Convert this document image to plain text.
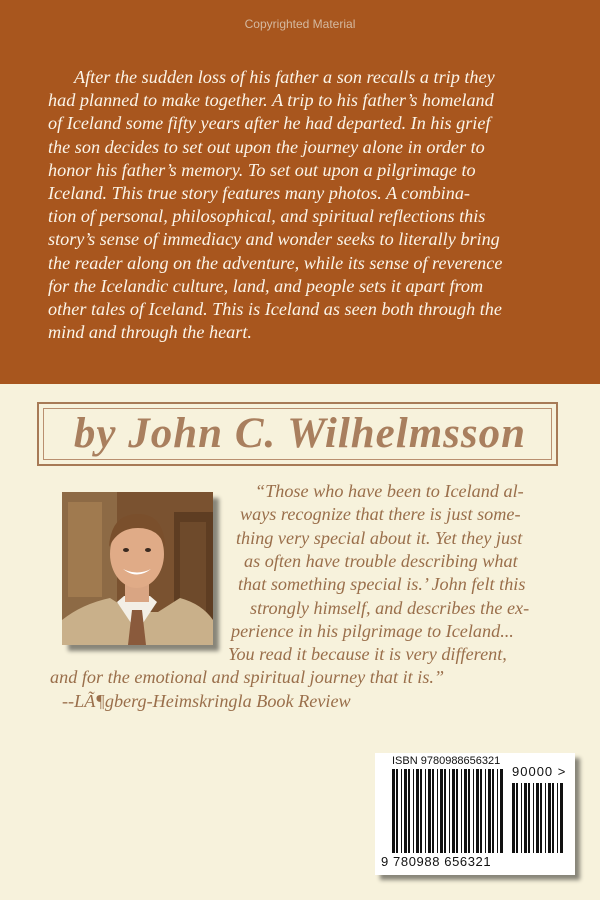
Copyrighted Material
After the sudden loss of his father a son recalls a trip they
had planned to make together. A trip to his father’s homeland
of Iceland some fifty years after he had departed. In his grief
the son decides to set out upon the journey alone in order to
honor his father’s memory. To set out upon a pilgrimage to
Iceland. This true story features many photos. A combina-
tion of personal, philosophical, and spiritual reflections this
story’s sense of immediacy and wonder seeks to literally bring
the reader along on the adventure, while its sense of reverence
for the Icelandic culture, land, and people sets it apart from
other tales of Iceland. This is Iceland as seen both through the
mind and through the heart.
by John C. Wilhelmsson
“Those who have been to Iceland al-
ways recognize that there is just some-
thing very special about it. Yet they just
as often have trouble describing what
that something special is.’ John felt this
strongly himself, and describes the ex-
perience in his pilgrimage to Iceland...
You read it because it is very different,
and for the emotional and spiritual journey that it is.”
--LÃ¶gberg-Heimskringla Book Review
ISBN 9780988656321
90000 >
9 780988 656321
